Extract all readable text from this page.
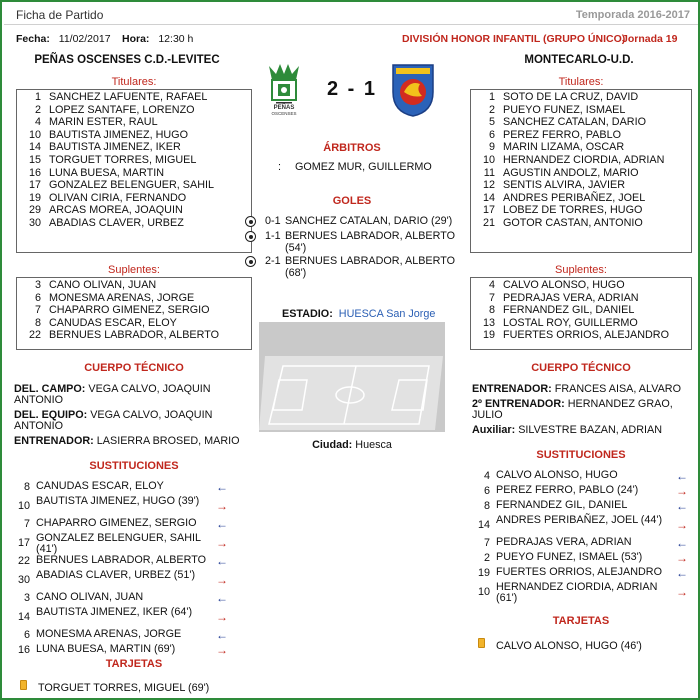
Ficha de Partido	Temporada 2016-2017
Fecha: 11/02/2017 Hora: 12:30 h	DIVISIÓN HONOR INFANTIL (GRUPO ÚNICO)
Jornada 19
PEÑAS OSCENSES C.D.-LEVITEC	MONTECARLO-U.D.
PEÑAS
OSCENSES
2 - 1
Titulares:
1 SANCHEZ LAFUENTE, RAFAEL
2 LOPEZ SANTAFE, LORENZO
4 MARIN ESTER, RAUL
10 BAUTISTA JIMENEZ, HUGO
14 BAUTISTA JIMENEZ, IKER
15 TORGUET TORRES, MIGUEL
16 LUNA BUESA, MARTIN
17 GONZALEZ BELENGUER, SAHIL
19 OLIVAN CIRIA, FERNANDO
29 ARCAS MOREA, JOAQUIN
30 ABADIAS CLAVER, URBEZ
Suplentes:
3 CANO OLIVAN, JUAN
6 MONESMA ARENAS, JORGE
7 CHAPARRO GIMENEZ, SERGIO
8 CANUDAS ESCAR, ELOY
22 BERNUES LABRADOR, ALBERTO
Titulares:
1 SOTO DE LA CRUZ, DAVID
2 PUEYO FUNEZ, ISMAEL
5 SANCHEZ CATALAN, DARIO
6 PEREZ FERRO, PABLO
9 MARIN LIZAMA, OSCAR
10 HERNANDEZ CIORDIA, ADRIAN
11 AGUSTIN ANDOLZ, MARIO
12 SENTIS ALVIRA, JAVIER
14 ANDRES PERIBAÑEZ, JOEL
17 LOBEZ DE TORRES, HUGO
21 GOTOR CASTAN, ANTONIO
Suplentes:
4 CALVO ALONSO, HUGO
7 PEDRAJAS VERA, ADRIAN
8 FERNANDEZ GIL, DANIEL
13 LOSTAL ROY, GUILLERMO
19 FUERTES ORRIOS, ALEJANDRO
ÁRBITROS
: GOMEZ MUR, GUILLERMO
GOLES
0-1 SANCHEZ CATALAN, DARIO (29')
1-1 BERNUES LABRADOR, ALBERTO
(54')
2-1 BERNUES LABRADOR, ALBERTO
(68')
ESTADIO: HUESCA San Jorge
Ciudad: Huesca
CUERPO TÉCNICO
DEL. CAMPO: VEGA CALVO, JOAQUIN ANTONIO
DEL. EQUIPO: VEGA CALVO, JOAQUIN ANTONIO
ENTRENADOR: LASIERRA BROSED, MARIO
CUERPO TÉCNICO
ENTRENADOR: FRANCES AISA, ALVARO
2º ENTRENADOR: HERNANDEZ GRAO, JULIO
Auxiliar: SILVESTRE BAZAN, ADRIAN
SUSTITUCIONES
8 CANUDAS ESCAR, ELOY	←
10 BAUTISTA JIMENEZ, HUGO (39')	→
7 CHAPARRO GIMENEZ, SERGIO	←
17 GONZALEZ BELENGUER, SAHIL (41')	→
22 BERNUES LABRADOR, ALBERTO ←
30 ABADIAS CLAVER, URBEZ (51')	→
3 CANO OLIVAN, JUAN	←
14 BAUTISTA JIMENEZ, IKER (64')	→
6 MONESMA ARENAS, JORGE	←
16 LUNA BUESA, MARTIN (69')	→
SUSTITUCIONES
4 CALVO ALONSO, HUGO	←
6 PEREZ FERRO, PABLO (24')	→
8 FERNANDEZ GIL, DANIEL	←
14 ANDRES PERIBAÑEZ, JOEL (44')	→
7 PEDRAJAS VERA, ADRIAN	←
2 PUEYO FUNEZ, ISMAEL (53')	→
19 FUERTES ORRIOS, ALEJANDRO	←
10 HERNANDEZ CIORDIA, ADRIAN (61')	→
TARJETAS
TORGUET TORRES, MIGUEL (69')
TARJETAS
CALVO ALONSO, HUGO (46')
